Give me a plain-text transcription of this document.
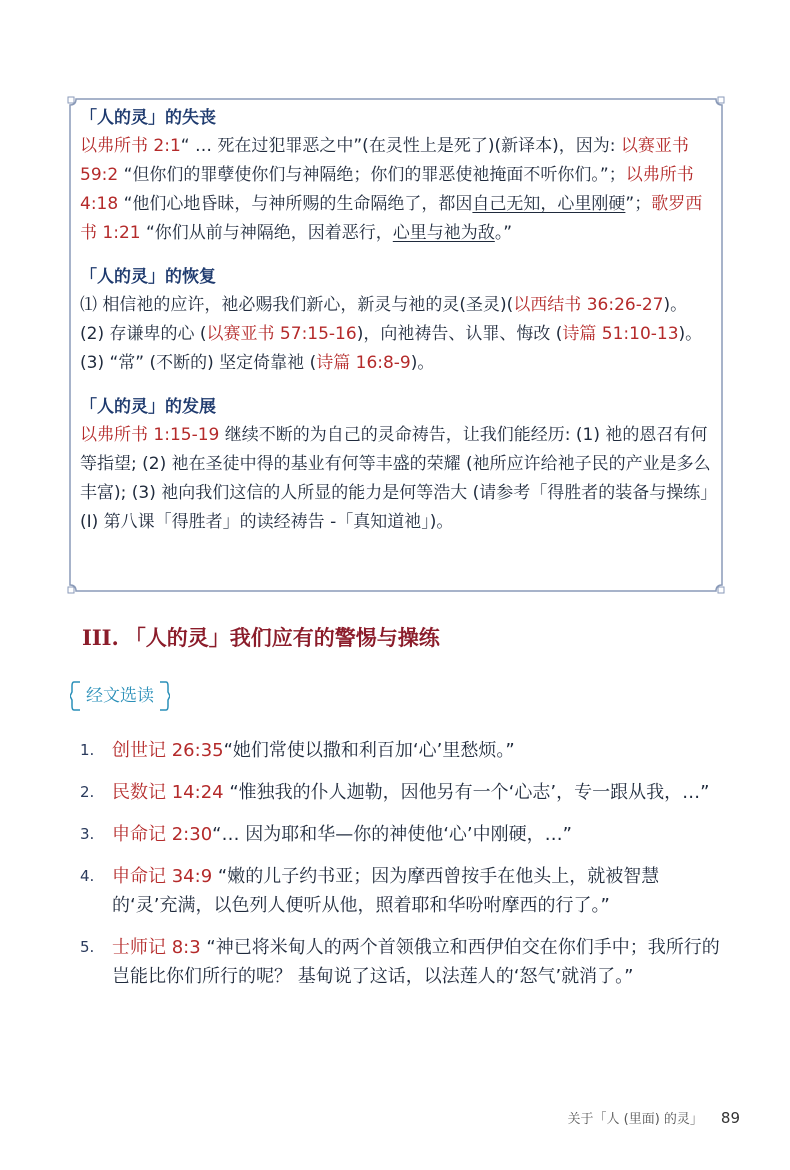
「人的灵」的失丧
以弗所书 2:1“ … 死在过犯罪恶之中”(在灵性上是死了)(新译本)，因为: 以赛亚书 59:2 “但你们的罪孽使你们与神隔绝；你们的罪恶使祂掩面不听你们。”；以弗所书 4:18 “他们心地昏昧，与神所赐的生命隔绝了，都因自己无知，心里刚硬”；歌罗西书 1:21 “你们从前与神隔绝，因着恶行，心里与祂为敌。”
「人的灵」的恢复
⑴ 相信祂的应许，祂必赐我们新心，新灵与祂的灵(圣灵)(以西结书 36:26-27)。
(2) 存谦卑的心 (以赛亚书 57:15-16)，向祂祷告、认罪、悔改 (诗篇 51:10-13)。
(3) “常” (不断的) 坚定倚靠祂 (诗篇 16:8-9)。
「人的灵」的发展
以弗所书 1:15-19 继续不断的为自己的灵命祷告，让我们能经历: (1) 祂的恩召有何等指望; (2) 祂在圣徒中得的基业有何等丰盛的荣耀 (祂所应许给祂子民的产业是多么丰富); (3) 祂向我们这信的人所显的能力是何等浩大 (请参考「得胜者的装备与操练」(I) 第八课「得胜者」的读经祷告 -「真知道祂」)。
III. 「人的灵」我们应有的警惕与操练
经文选读
1. 创世记 26:35“她们常使以撒和利百加‘心’里愁烦。”
2. 民数记 14:24 “惟独我的仆人迦勒，因他另有一个‘心志’，专一跟从我，…”
3. 申命记 2:30“… 因为耶和华—你的神使他‘心’中刚硬，…”
4. 申命记 34:9 “嫩的儿子约书亚；因为摩西曾按手在他头上，就被智慧的‘灵’充满，以色列人便听从他，照着耶和华吩咐摩西的行了。”
5. 士师记 8:3 “神已将米甸人的两个首领俄立和西伊伯交在你们手中；我所行的岂能比你们所行的呢？ 基甸说了这话，以法莲人的‘怒气’就消了。”
关于「人 (里面) 的灵」 89
